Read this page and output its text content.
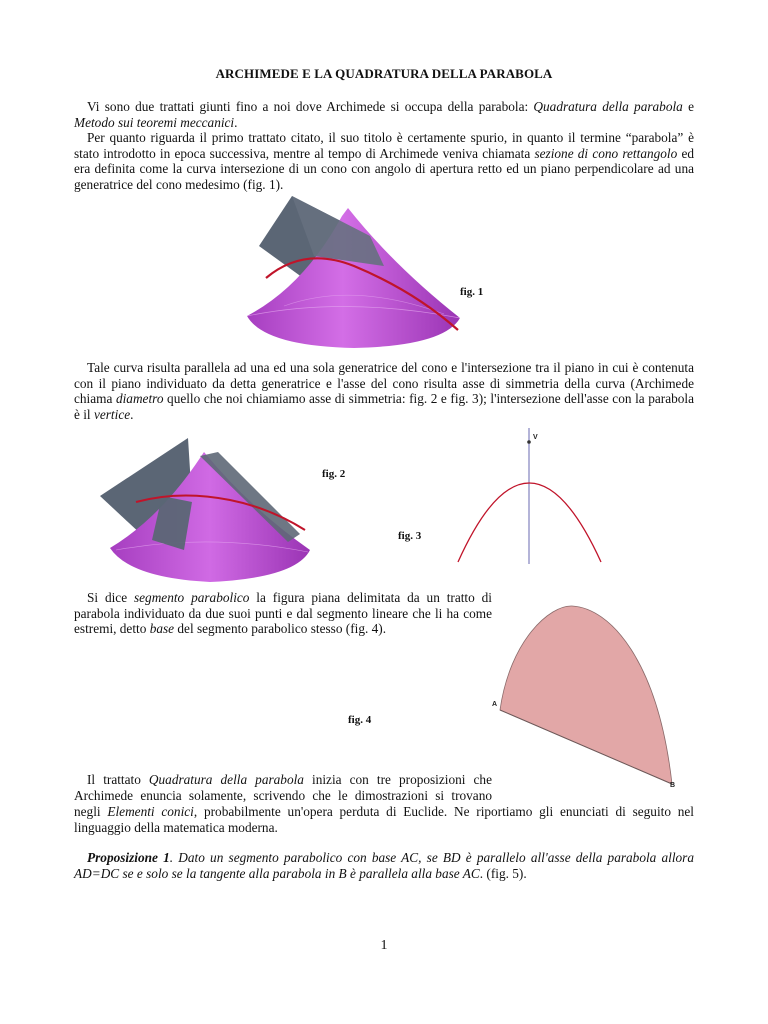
ARCHIMEDE E LA QUADRATURA DELLA PARABOLA
Vi sono due trattati giunti fino a noi dove Archimede si occupa della parabola: Quadratura della parabola e Metodo sui teoremi meccanici.
Per quanto riguarda il primo trattato citato, il suo titolo è certamente spurio, in quanto il termine “parabola” è stato introdotto in epoca successiva, mentre al tempo di Archimede veniva chiamata sezione di cono rettangolo ed era definita come la curva intersezione di un cono con angolo di apertura retto ed un piano perpendicolare ad una generatrice del cono medesimo (fig. 1).
fig. 1
Tale curva risulta parallela ad una ed una sola generatrice del cono e l'intersezione tra il piano in cui è contenuta con il piano individuato da detta generatrice e l'asse del cono risulta asse di simmetria della curva (Archimede chiama diametro quello che noi chiamiamo asse di simmetria: fig. 2 e fig. 3); l'intersezione dell'asse con la parabola è il vertice.
fig. 2
V
fig. 3
Si dice segmento parabolico la figura piana delimitata da un tratto di parabola individuato da due suoi punti e dal segmento lineare che li ha come estremi, detto base del segmento parabolico stesso (fig. 4).
A
B
fig. 4
Il trattato Quadratura della parabola inizia con tre proposizioni che
Archimede enuncia solamente, scrivendo che le dimostrazioni si trovano
negli Elementi conici, probabilmente un'opera perduta di Euclide. Ne riportiamo gli enunciati di seguito nel linguaggio della matematica moderna.
Proposizione 1. Dato un segmento parabolico con base AC, se BD è parallelo all'asse della parabola allora AD=DC se e solo se la tangente alla parabola in B è parallela alla base AC. (fig. 5).
1
